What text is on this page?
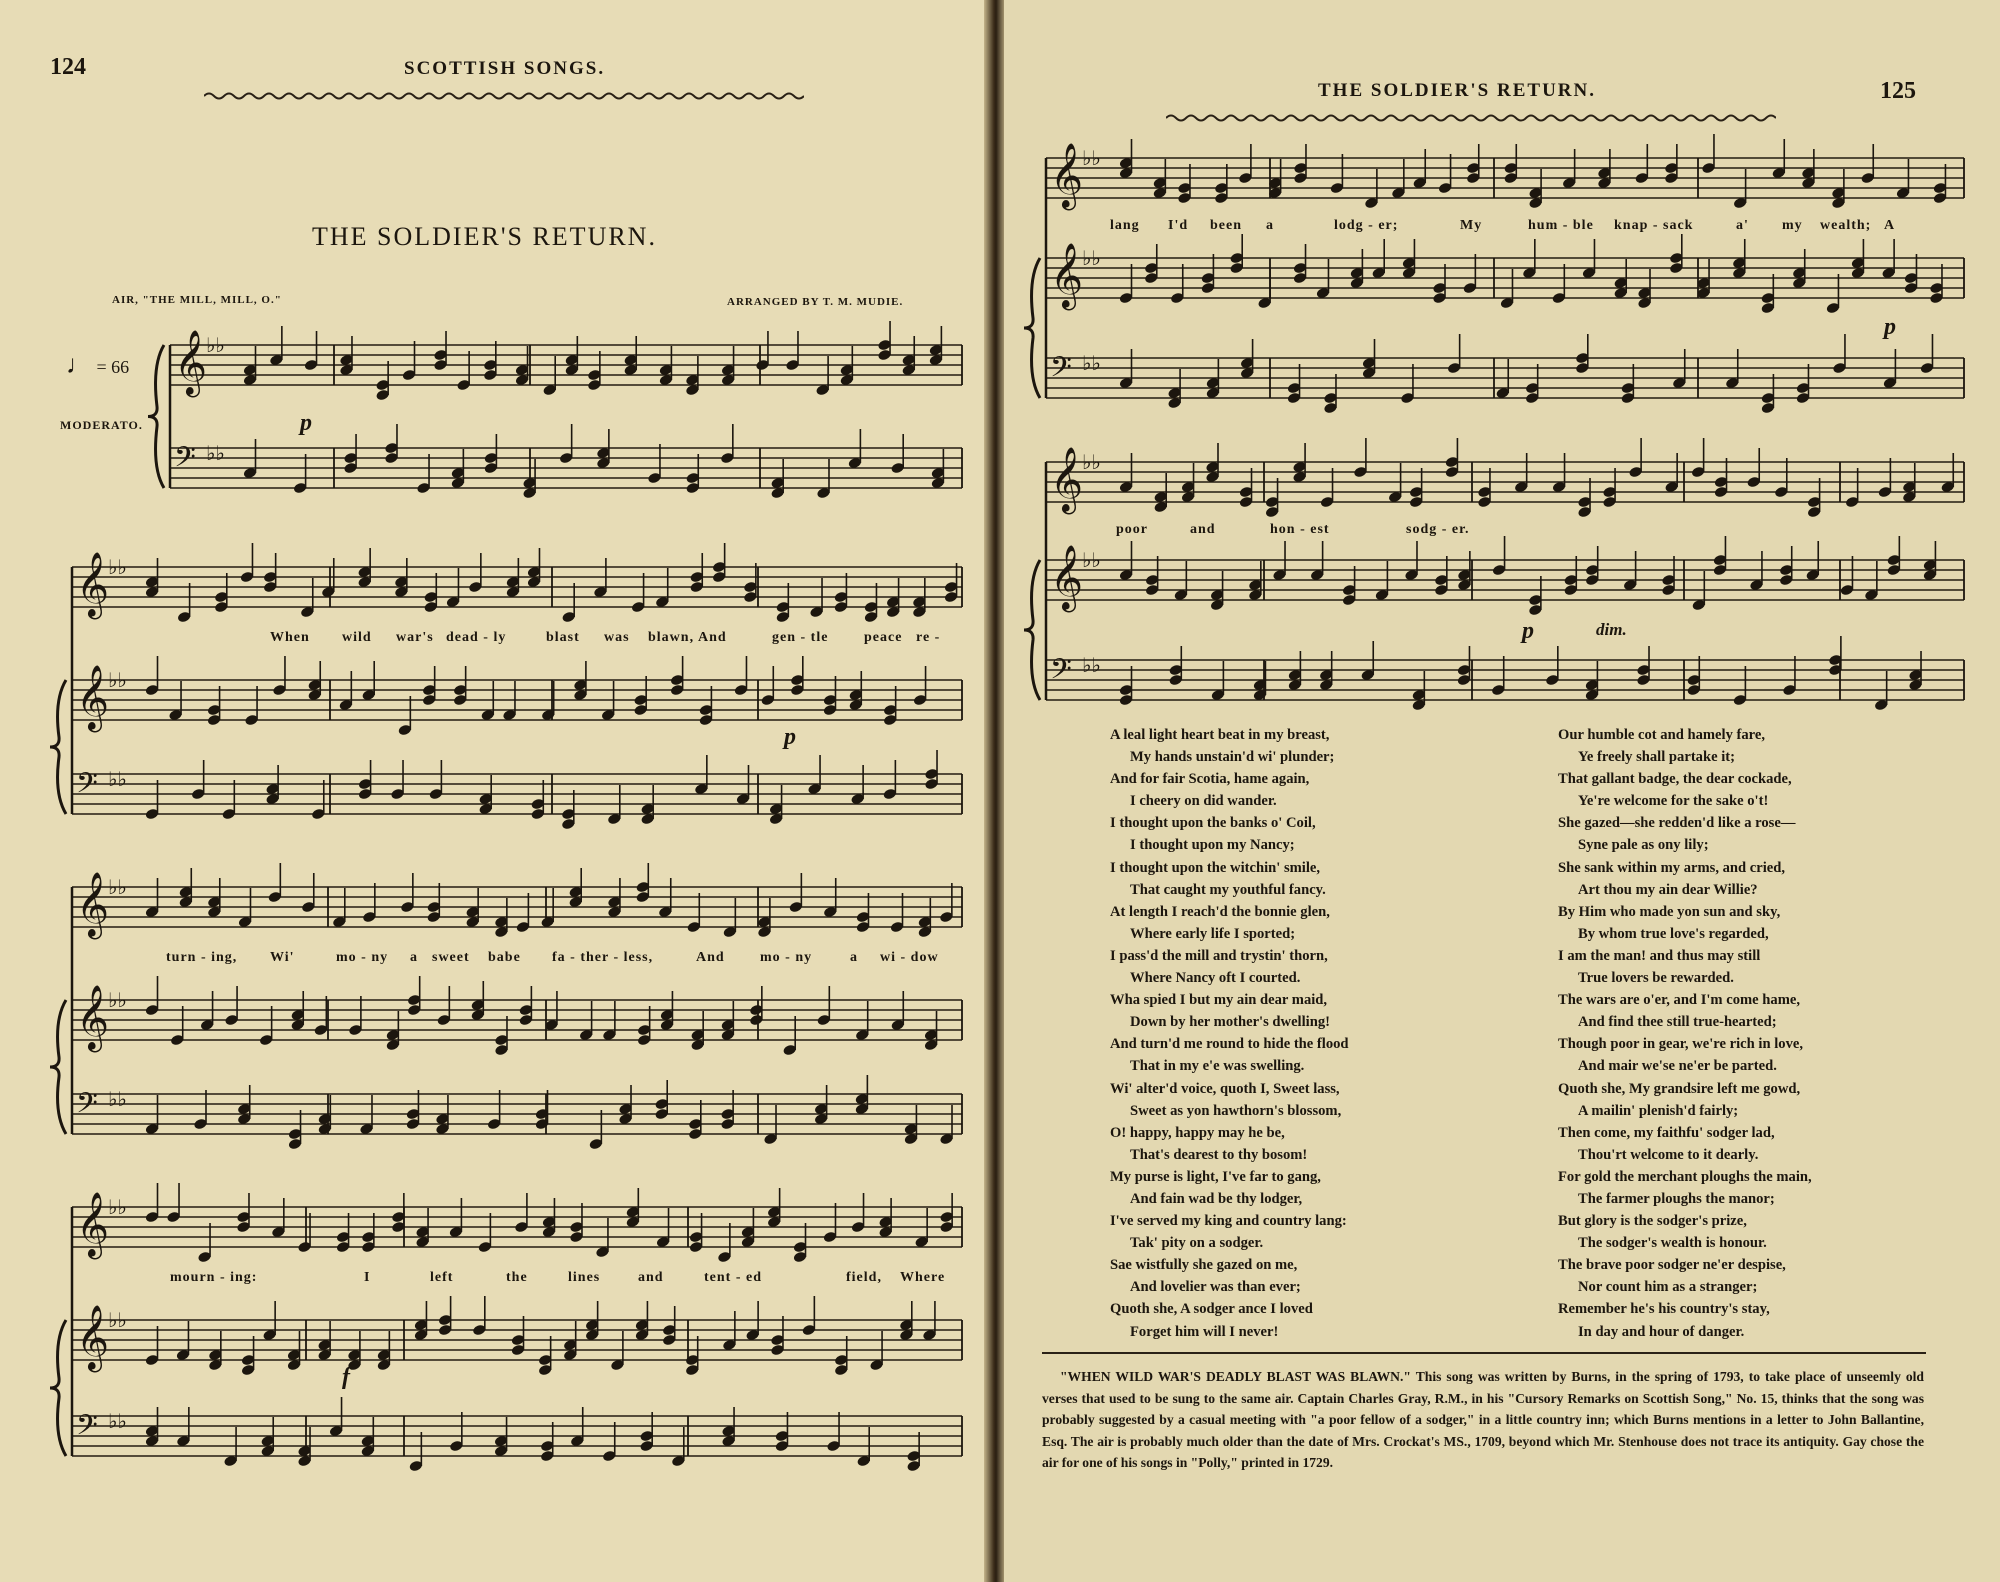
124	SCOTTISH SONGS.
THE SOLDIER'S RETURN.
AIR, "THE MILL, MILL, O."	ARRANGED BY T. M. MUDIE.
♩ = 66
MODERATO.
𝄞
♭♭
𝄢 ♭♭
𝄞
♭♭
𝄞
♭♭
𝄢 ♭♭
𝄞
♭♭
𝄞
♭♭
𝄢 ♭♭
𝄞
♭♭
𝄞
♭♭
𝄢 ♭♭
p
p
f
When wild war's dead - ly	blast was blawn, And	gen - tle	peace re -
turn - ing, Wi'	mo - ny a sweet babe fa - ther - less,	And	mo - ny	a wi - dow
mourn - ing:	I	left	the	lines	and	tent - ed	field, Where
THE SOLDIER'S RETURN.	125
𝄞
♭♭
𝄞
♭♭
𝄢 ♭♭
𝄞
♭♭
𝄞
♭♭
𝄢 ♭♭
p
p	dim.
lang I'd been a	lodg - er;	My	hum - ble knap - sack	a' my wealth; A
poor	and	hon - est	sodg - er.
A leal light heart beat in my breast,
My hands unstain'd wi' plunder;
And for fair Scotia, hame again,
I cheery on did wander.
I thought upon the banks o' Coil,
I thought upon my Nancy;
I thought upon the witchin' smile,
That caught my youthful fancy.
At length I reach'd the bonnie glen,
Where early life I sported;
I pass'd the mill and trystin' thorn,
Where Nancy oft I courted.
Wha spied I but my ain dear maid,
Down by her mother's dwelling!
And turn'd me round to hide the flood
That in my e'e was swelling.
Wi' alter'd voice, quoth I, Sweet lass,
Sweet as yon hawthorn's blossom,
O! happy, happy may he be,
That's dearest to thy bosom!
My purse is light, I've far to gang,
And fain wad be thy lodger,
I've served my king and country lang:
Tak' pity on a sodger.
Sae wistfully she gazed on me,
And lovelier was than ever;
Quoth she, A sodger ance I loved
Forget him will I never!
Our humble cot and hamely fare,
Ye freely shall partake it;
That gallant badge, the dear cockade,
Ye're welcome for the sake o't!
She gazed—she redden'd like a rose—
Syne pale as ony lily;
She sank within my arms, and cried,
Art thou my ain dear Willie?
By Him who made yon sun and sky,
By whom true love's regarded,
I am the man! and thus may still
True lovers be rewarded.
The wars are o'er, and I'm come hame,
And find thee still true-hearted;
Though poor in gear, we're rich in love,
And mair we'se ne'er be parted.
Quoth she, My grandsire left me gowd,
A mailin' plenish'd fairly;
Then come, my faithfu' sodger lad,
Thou'rt welcome to it dearly.
For gold the merchant ploughs the main,
The farmer ploughs the manor;
But glory is the sodger's prize,
The sodger's wealth is honour.
The brave poor sodger ne'er despise,
Nor count him as a stranger;
Remember he's his country's stay,
In day and hour of danger.
"WHEN WILD WAR'S DEADLY BLAST WAS BLAWN." This song was written by Burns, in the spring of 1793, to take place of unseemly old verses that used to be sung to the same air. Captain Charles Gray, R.M., in his "Cursory Remarks on Scottish Song," No. 15, thinks that the song was probably suggested by a casual meeting with "a poor fellow of a sodger," in a little country inn; which Burns mentions in a letter to John Ballantine, Esq. The air is probably much older than the date of Mrs. Crockat's MS., 1709, beyond which Mr. Stenhouse does not trace its antiquity. Gay chose the air for one of his songs in "Polly," printed in 1729.
